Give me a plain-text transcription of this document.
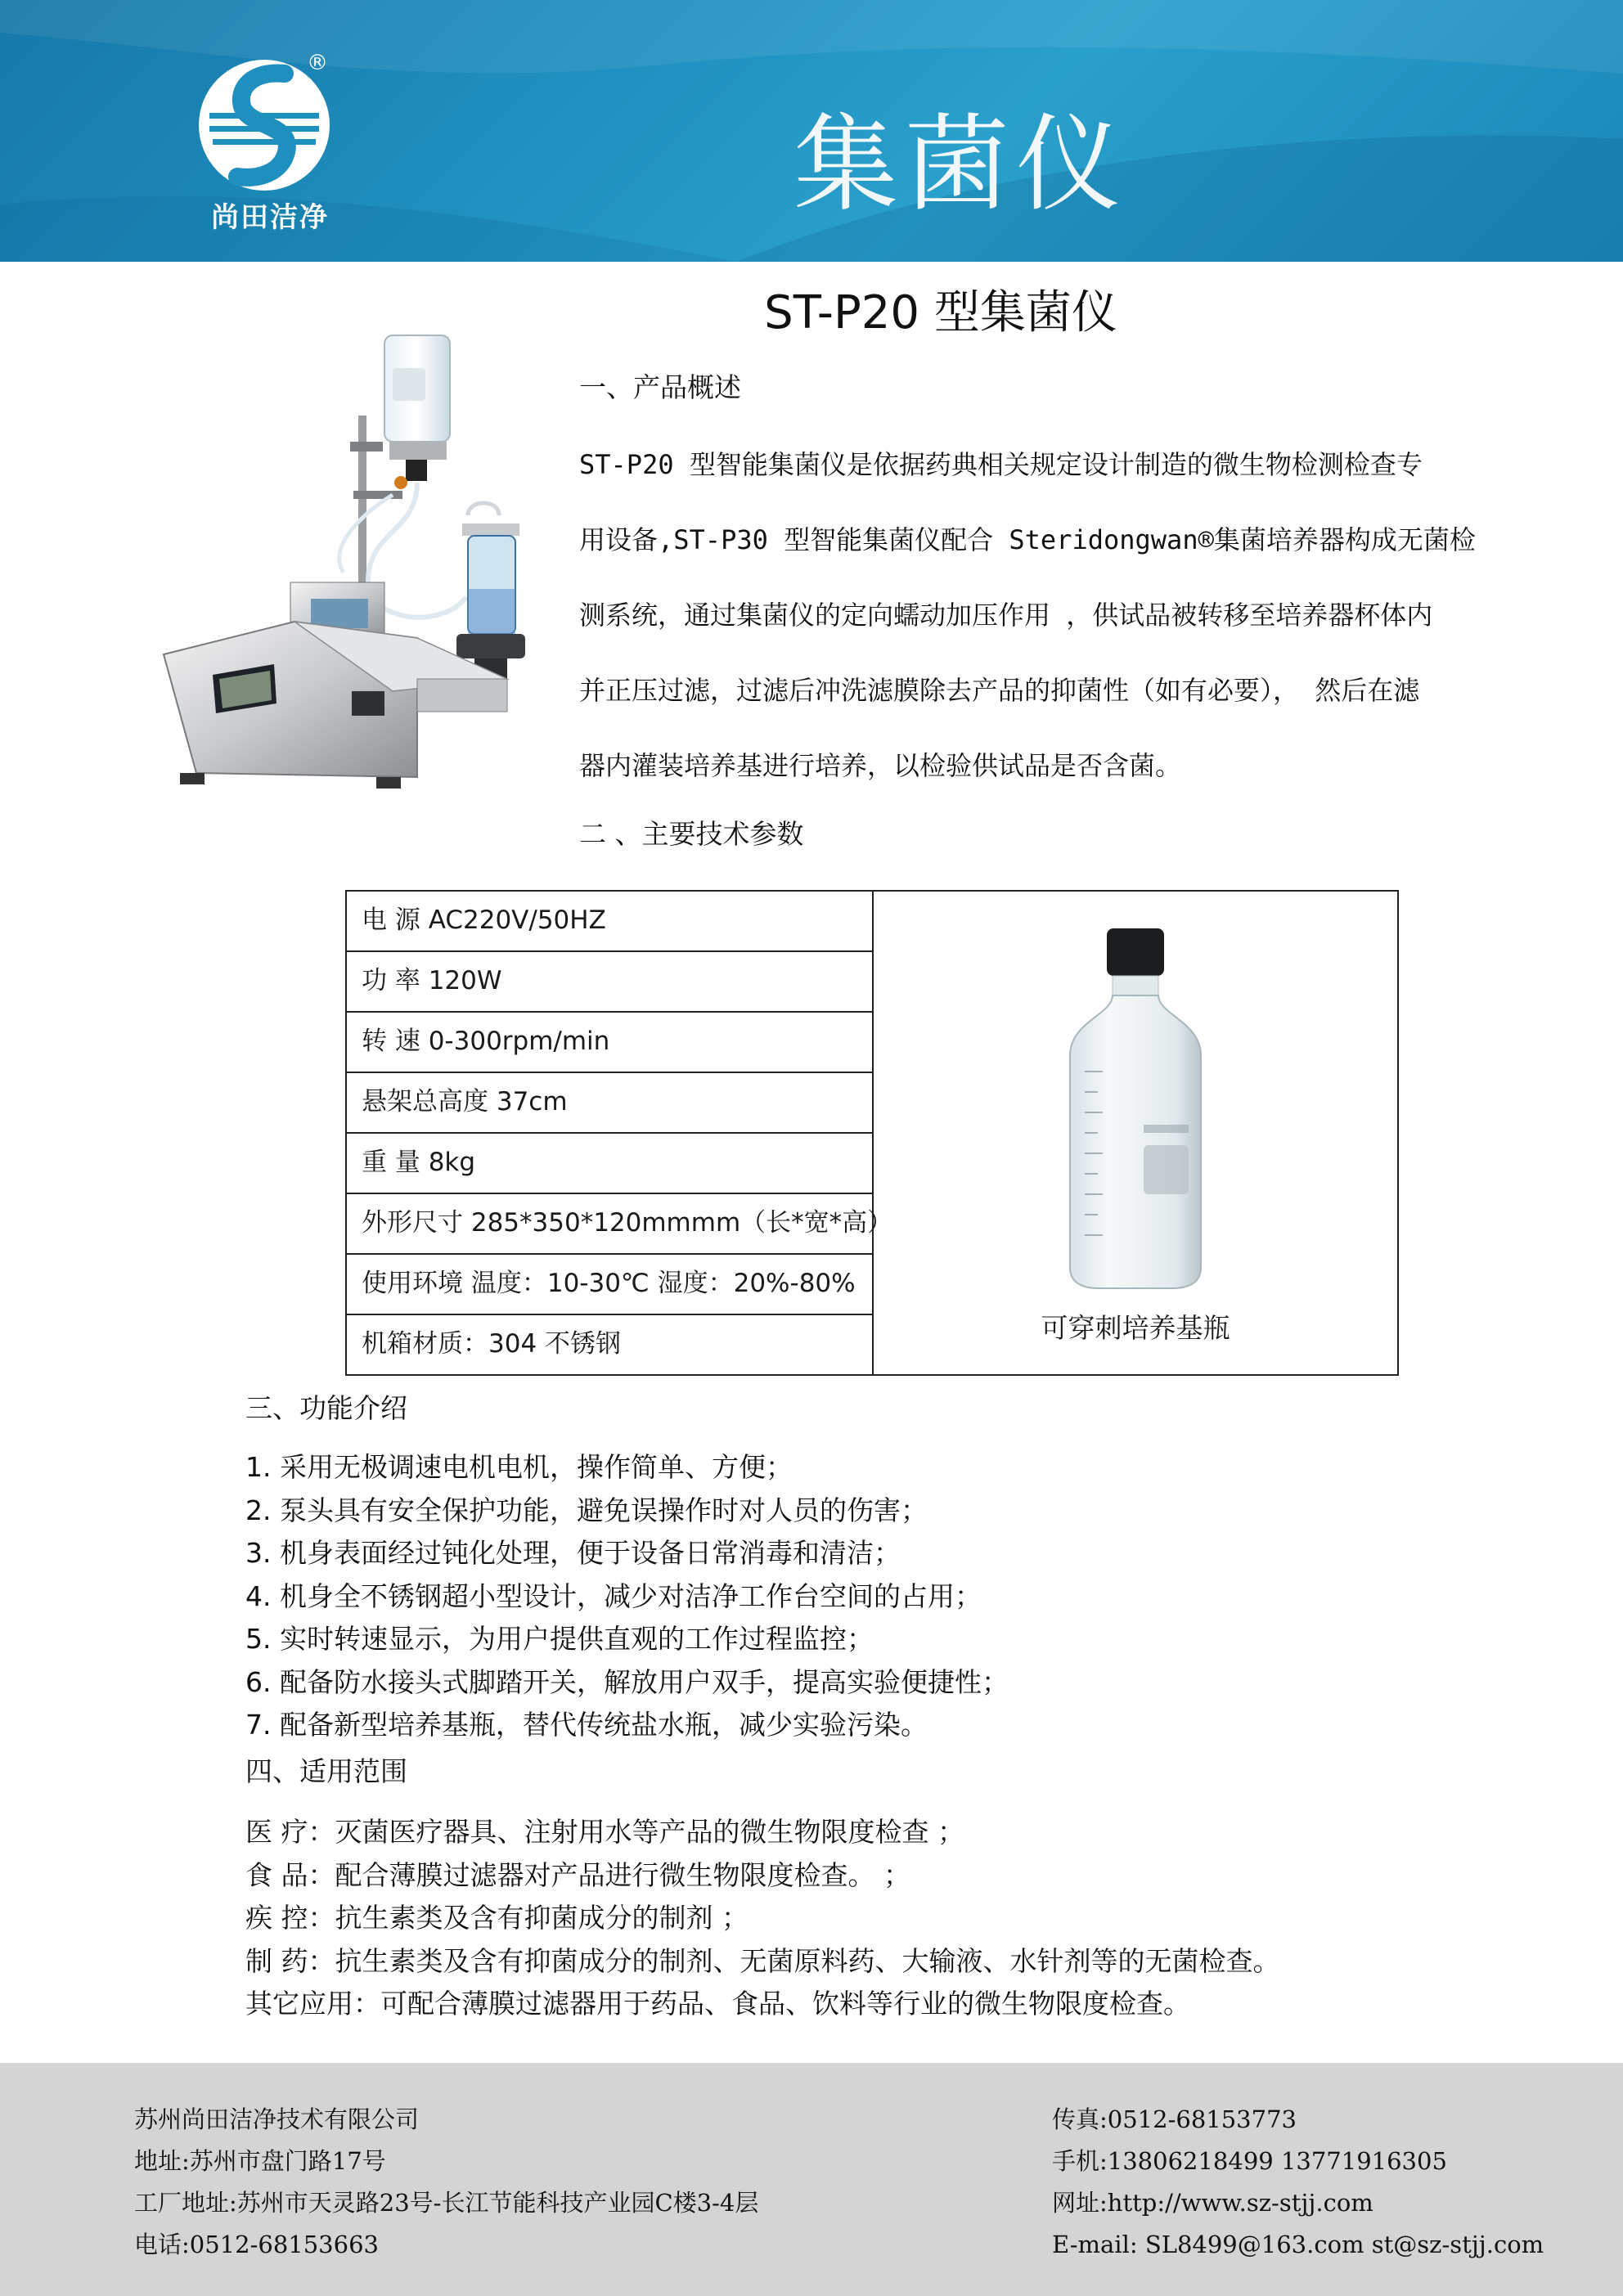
®
尚田洁净	集菌仪
ST-P20 型集菌仪
一、产品概述
ST-P20 型智能集菌仪是依据药典相关规定设计制造的微生物检测检查专
用设备,ST-P30 型智能集菌仪配合 Steridongwan®集菌培养器构成无菌检
测系统，通过集菌仪的定向蠕动加压作用 ，供试品被转移至培养器杯体内
并正压过滤，过滤后冲洗滤膜除去产品的抑菌性（如有必要）， 然后在滤
器内灌装培养基进行培养，以检验供试品是否含菌。
二 、主要技术参数
电 源 AC220V/50HZ
功 率 120W
转 速 0-300rpm/min
悬架总高度 37cm
重 量 8kg
外形尺寸 285*350*120mmmm（长*宽*高）
使用环境 温度：10-30℃ 湿度：20%-80%
机箱材质：304 不锈钢	可穿刺培养基瓶
三、功能介绍
1. 采用无极调速电机电机，操作简单、方便；
2. 泵头具有安全保护功能，避免误操作时对人员的伤害；
3. 机身表面经过钝化处理，便于设备日常消毒和清洁；
4. 机身全不锈钢超小型设计，减少对洁净工作台空间的占用；
5. 实时转速显示，为用户提供直观的工作过程监控；
6. 配备防水接头式脚踏开关，解放用户双手，提高实验便捷性；
7. 配备新型培养基瓶，替代传统盐水瓶，减少实验污染。
四、适用范围
医 疗：灭菌医疗器具、注射用水等产品的微生物限度检查 ；
食 品：配合薄膜过滤器对产品进行微生物限度检查。 ；
疾 控：抗生素类及含有抑菌成分的制剂 ；
制 药：抗生素类及含有抑菌成分的制剂、无菌原料药、大输液、水针剂等的无菌检查。
其它应用：可配合薄膜过滤器用于药品、食品、饮料等行业的微生物限度检查。
苏州尚田洁净技术有限公司
地址:苏州市盘门路17号
工厂地址:苏州市天灵路23号-长江节能科技产业园C楼3-4层
电话:0512-68153663
传真:0512-68153773
手机:13806218499 13771916305
网址:http://www.sz-stjj.com
E-mail: SL8499@163.com st@sz-stjj.com
